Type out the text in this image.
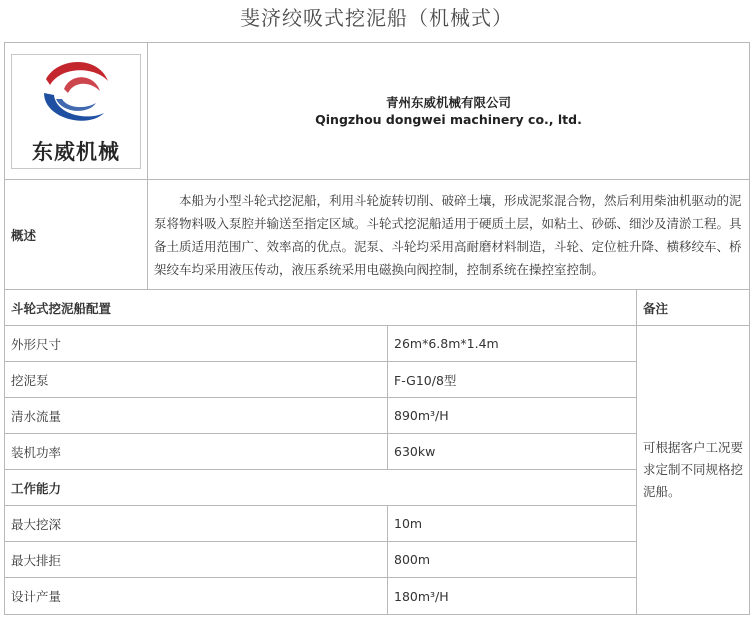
斐济绞吸式挖泥船（机械式）
东威机械	青州东威机械有限公司
Qingzhou dongwei machinery co., ltd.		

概述	本船为小型斗轮式挖泥船，利用斗轮旋转切削、破碎土壤，形成泥浆混合物，然后利用柴油机驱动的泥泵将物料吸入泵腔并输送至指定区域。斗轮式挖泥船适用于硬质土层，如粘土、砂砾、细沙及清淤工程。具备土质适用范围广、效率高的优点。泥泵、斗轮均采用高耐磨材料制造，斗轮、定位桩升降、横移绞车、桥架绞车均采用液压传动，液压系统采用电磁换向阀控制，控制系统在操控室控制。		
斗轮式挖泥船配置			备注
外形尺寸		26m*6.8m*1.4m	可根据客户工况要求定制不同规格挖泥船。
挖泥泵		F-G10/8型	
清水流量		890m³/H	
装机功率		630kw	
工作能力			
最大挖深		10m	
最大排拒		800m	
设计产量		180m³/H	
